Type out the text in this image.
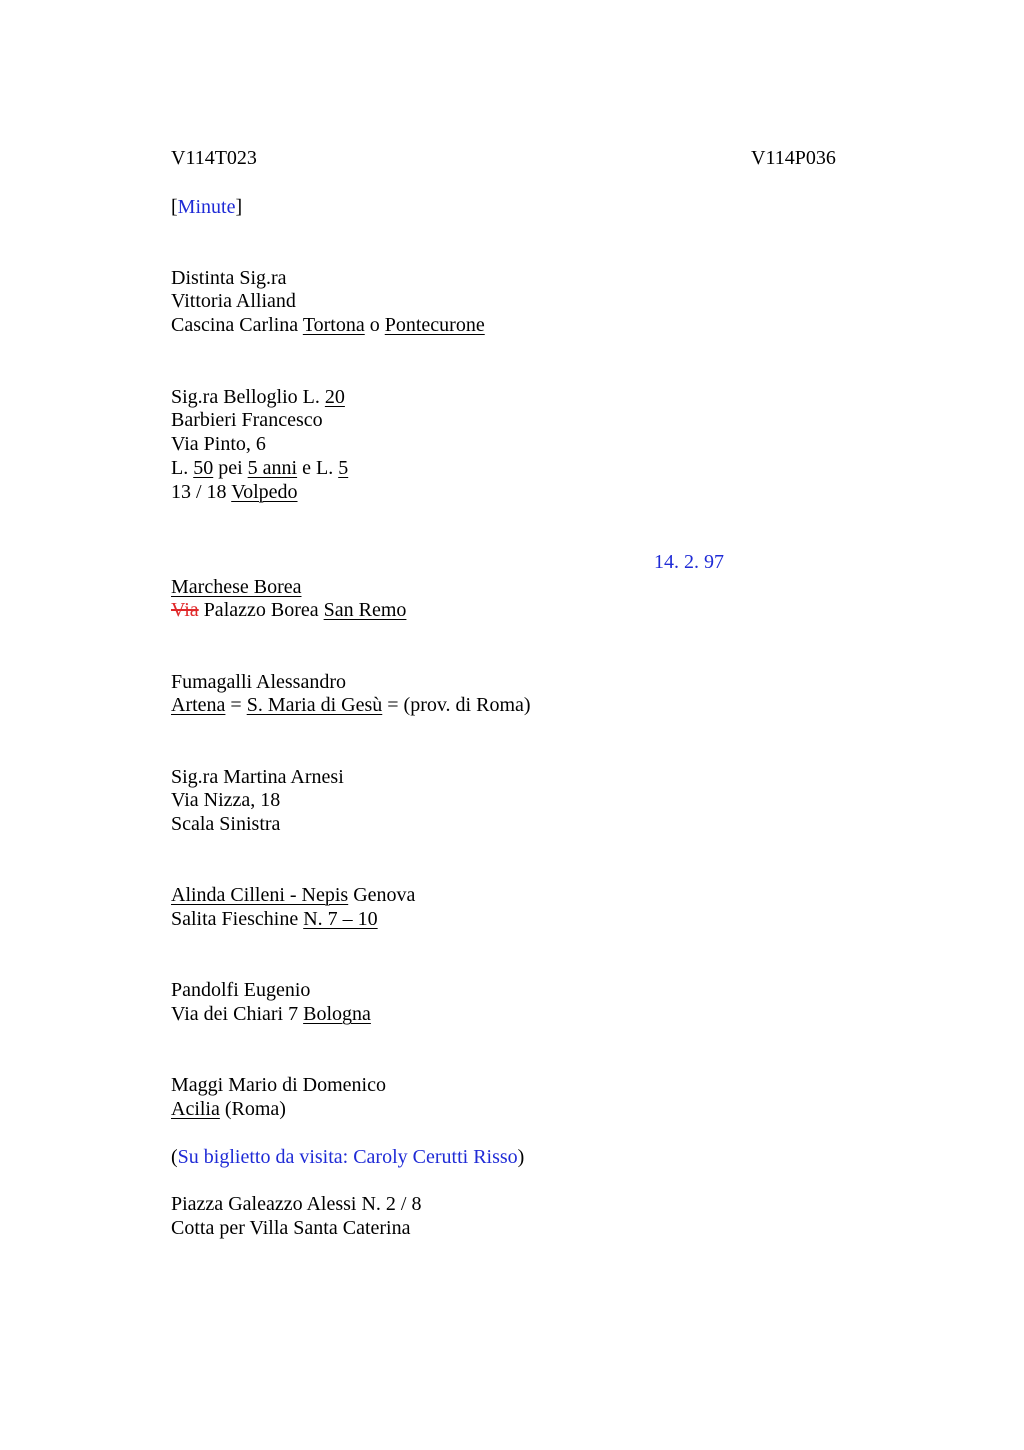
V114T023	V114P036
[Minute]
Distinta Sig.ra
Vittoria Alliand
Cascina Carlina Tortona o Pontecurone
Sig.ra Belloglio L. 20
Barbieri Francesco
Via Pinto, 6
L. 50 pei 5 anni e L. 5
13 / 18 Volpedo
14. 2. 97
Marchese Borea
Via Palazzo Borea San Remo
Fumagalli Alessandro
Artena = S. Maria di Gesù = (prov. di Roma)
Sig.ra Martina Arnesi
Via Nizza, 18
Scala Sinistra
Alinda Cilleni - Nepis Genova
Salita Fieschine N. 7 – 10
Pandolfi Eugenio
Via dei Chiari 7 Bologna
Maggi Mario di Domenico
Acilia (Roma)
(Su biglietto da visita: Caroly Cerutti Risso)
Piazza Galeazzo Alessi N. 2 / 8
Cotta per Villa Santa Caterina
